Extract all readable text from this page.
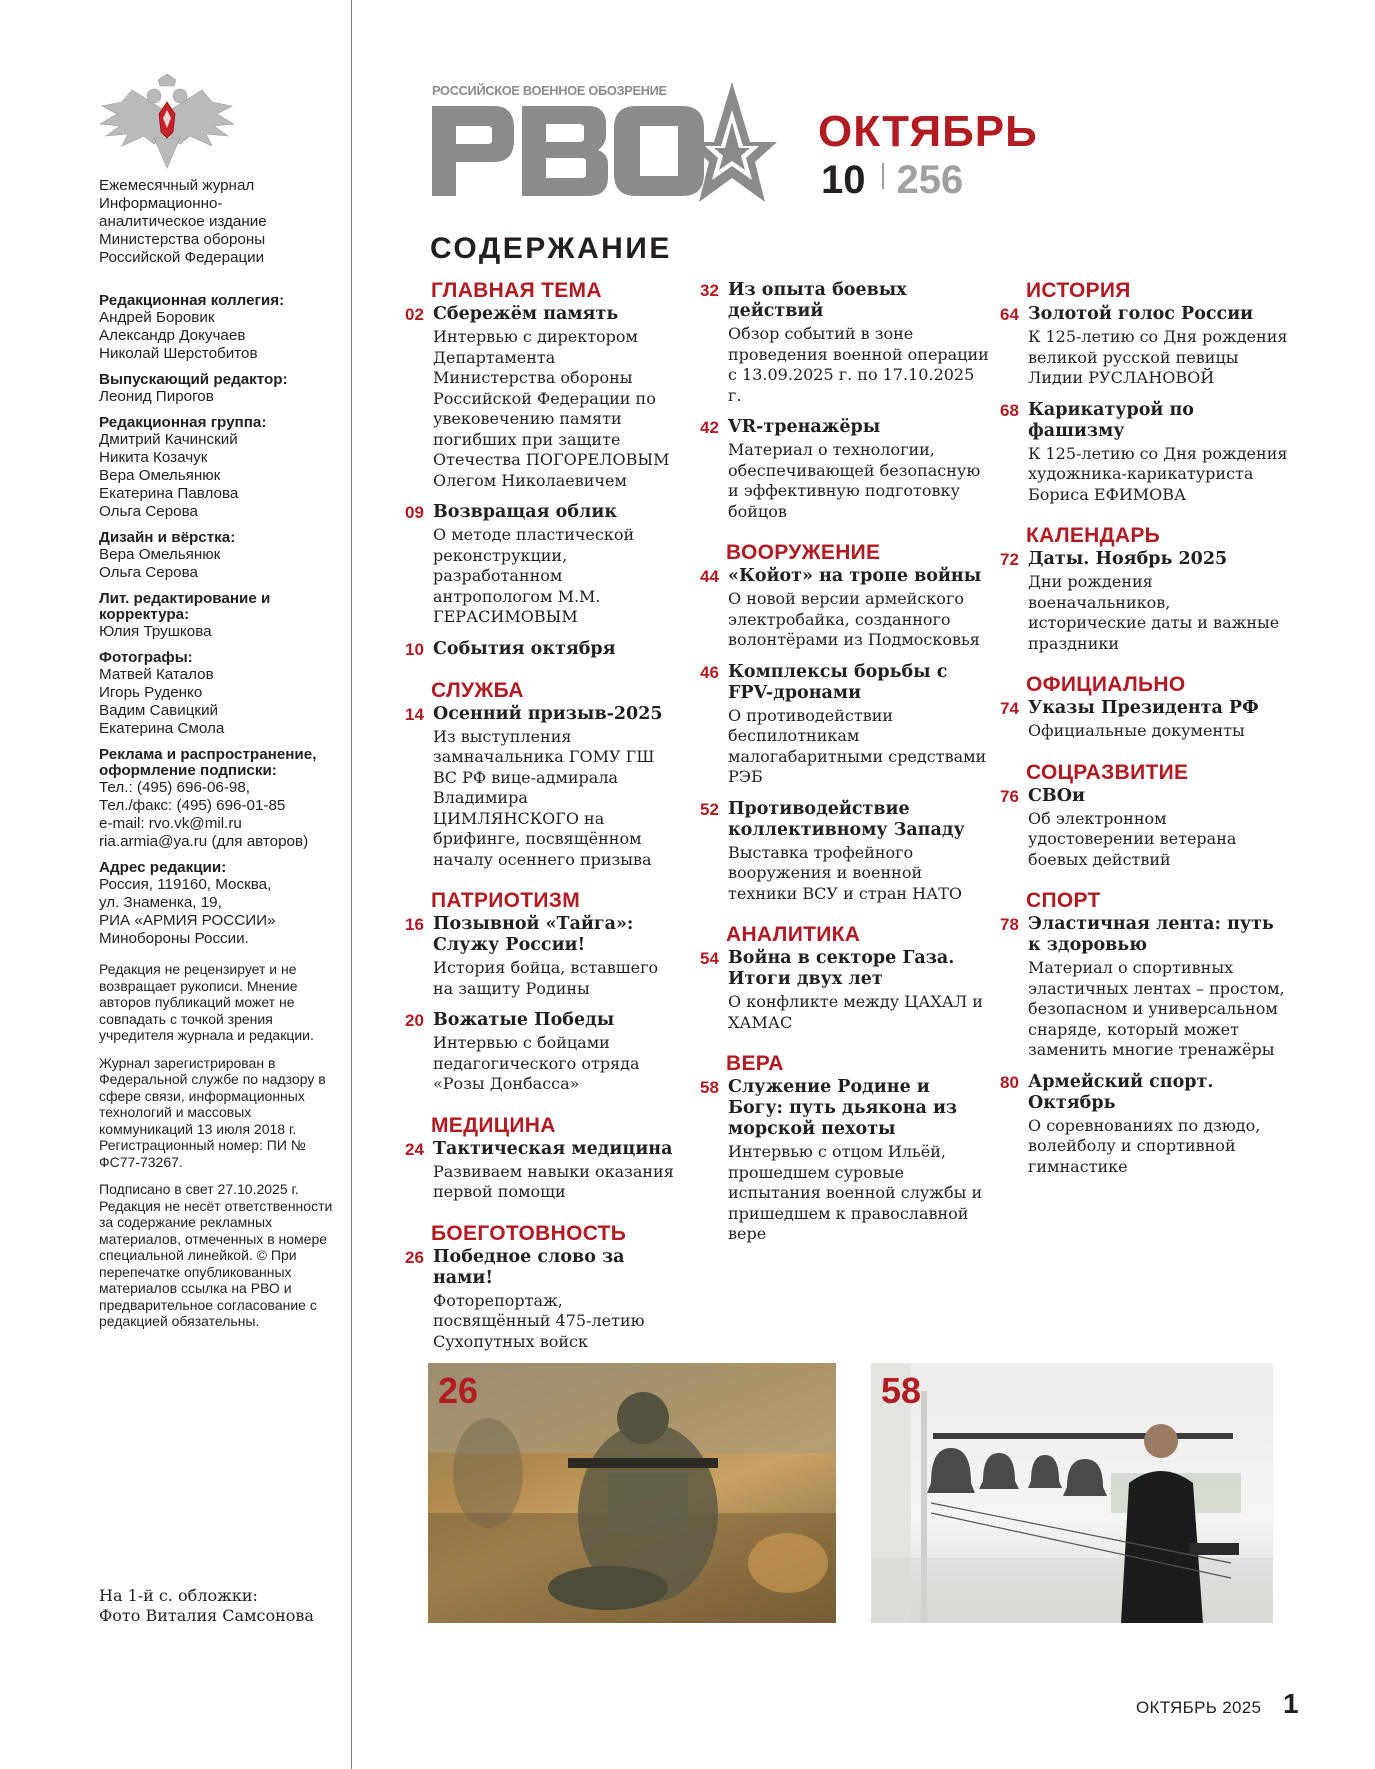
Ежемесячный журнал
Информационно-
аналитическое издание
Министерства обороны
Российской Федерации
Редакционная коллегия:
Андрей Боровик
Александр Докучаев
Николай Шерстобитов
Выпускающий редактор:
Леонид Пирогов
Редакционная группа:
Дмитрий Качинский
Никита Козачук
Вера Омельянюк
Екатерина Павлова
Ольга Серова
Дизайн и вёрстка:
Вера Омельянюк
Ольга Серова
Лит. редактирование и корректура:
Юлия Трушкова
Фотографы:
Матвей Каталов
Игорь Руденко
Вадим Савицкий
Екатерина Смола
Реклама и распространение, оформление подписки:
Тел.: (495) 696-06-98,
Тел./факс: (495) 696-01-85
e-mail: rvo.vk@mil.ru
ria.armia@ya.ru (для авторов)
Адрес редакции:
Россия, 119160, Москва,
ул. Знаменка, 19,
РИА «АРМИЯ РОССИИ»
Минобороны России.
Редакция не рецензирует и не возвращает рукописи. Мнение авторов публикаций может не совпадать с точкой зрения учредителя журнала и редакции.
Журнал зарегистрирован в Федеральной службе по надзору в сфере связи, информационных технологий и массовых коммуникаций 13 июля 2018 г. Регистрационный номер: ПИ № ФС77-73267.
Подписано в свет 27.10.2025 г. Редакция не несёт ответственности за содержание рекламных материалов, отмеченных в номере специальной линейкой. © При перепечатке опубликованных материалов ссылка на РВО и предварительное согласование с редакцией обязательны.
На 1-й с. обложки:
Фото Виталия Самсонова
РОССИЙСКОЕ ВОЕННОЕ ОБОЗРЕНИЕ
ОКТЯБРЬ
10 256
СОДЕРЖАНИЕ
ГЛАВНАЯ ТЕМА
02 Сбережём память
Интервью с директором Департамента Министерства обороны Российской Федерации по увековечению памяти погибших при защите Отечества ПОГОРЕЛОВЫМ Олегом Николаевичем
09 Возвращая облик
О методе пластической реконструкции, разработанном антропологом М.М. ГЕРАСИМОВЫМ
10 События октября
СЛУЖБА
14 Осенний призыв-2025
Из выступления замначальника ГОМУ ГШ ВС РФ вице-адмирала Владимира ЦИМЛЯНСКОГО на брифинге, посвящённом началу осеннего призыва
ПАТРИОТИЗМ
16 Позывной «Тайга»: Служу России!
История бойца, вставшего на защиту Родины
20 Вожатые Победы
Интервью с бойцами педагогического отряда «Розы Донбасса»
МЕДИЦИНА
24 Тактическая медицина
Развиваем навыки оказания первой помощи
БОЕГОТОВНОСТЬ
26 Победное слово за нами!
Фоторепортаж, посвящённый 475-летию Сухопутных войск
32 Из опыта боевых действий
Обзор событий в зоне проведения военной операции с 13.09.2025 г. по 17.10.2025 г.
42 VR-тренажёры
Материал о технологии, обеспечивающей безопасную и эффективную подготовку бойцов
ВООРУЖЕНИЕ
44 «Койот» на тропе войны
О новой версии армейского электробайка, созданного волонтёрами из Подмосковья
46 Комплексы борьбы с FPV-дронами
О противодействии беспилотникам малогабаритными средствами РЭБ
52 Противодействие коллективному Западу
Выставка трофейного вооружения и военной техники ВСУ и стран НАТО
АНАЛИТИКА
54 Война в секторе Газа. Итоги двух лет
О конфликте между ЦАХАЛ и ХАМАС
ВЕРА
58 Служение Родине и Богу: путь дьякона из морской пехоты
Интервью с отцом Ильёй, прошедшем суровые испытания военной службы и пришедшем к православной вере
ИСТОРИЯ
64 Золотой голос России
К 125-летию со Дня рождения великой русской певицы Лидии РУСЛАНОВОЙ
68 Карикатурой по фашизму
К 125-летию со Дня рождения художника-карикатуриста Бориса ЕФИМОВА
КАЛЕНДАРЬ
72 Даты. Ноябрь 2025
Дни рождения военачальников, исторические даты и важные праздники
ОФИЦИАЛЬНО
74 Указы Президента РФ
Официальные документы
СОЦРАЗВИТИЕ
76 СВОи
Об электронном удостоверении ветерана боевых действий
СПОРТ
78 Эластичная лента: путь к здоровью
Материал о спортивных эластичных лентах – простом, безопасном и универсальном снаряде, который может заменить многие тренажёры
80 Армейский спорт. Октябрь
О соревнованиях по дзюдо, волейболу и спортивной гимнастике
26	58
ОКТЯБРЬ 2025 1
